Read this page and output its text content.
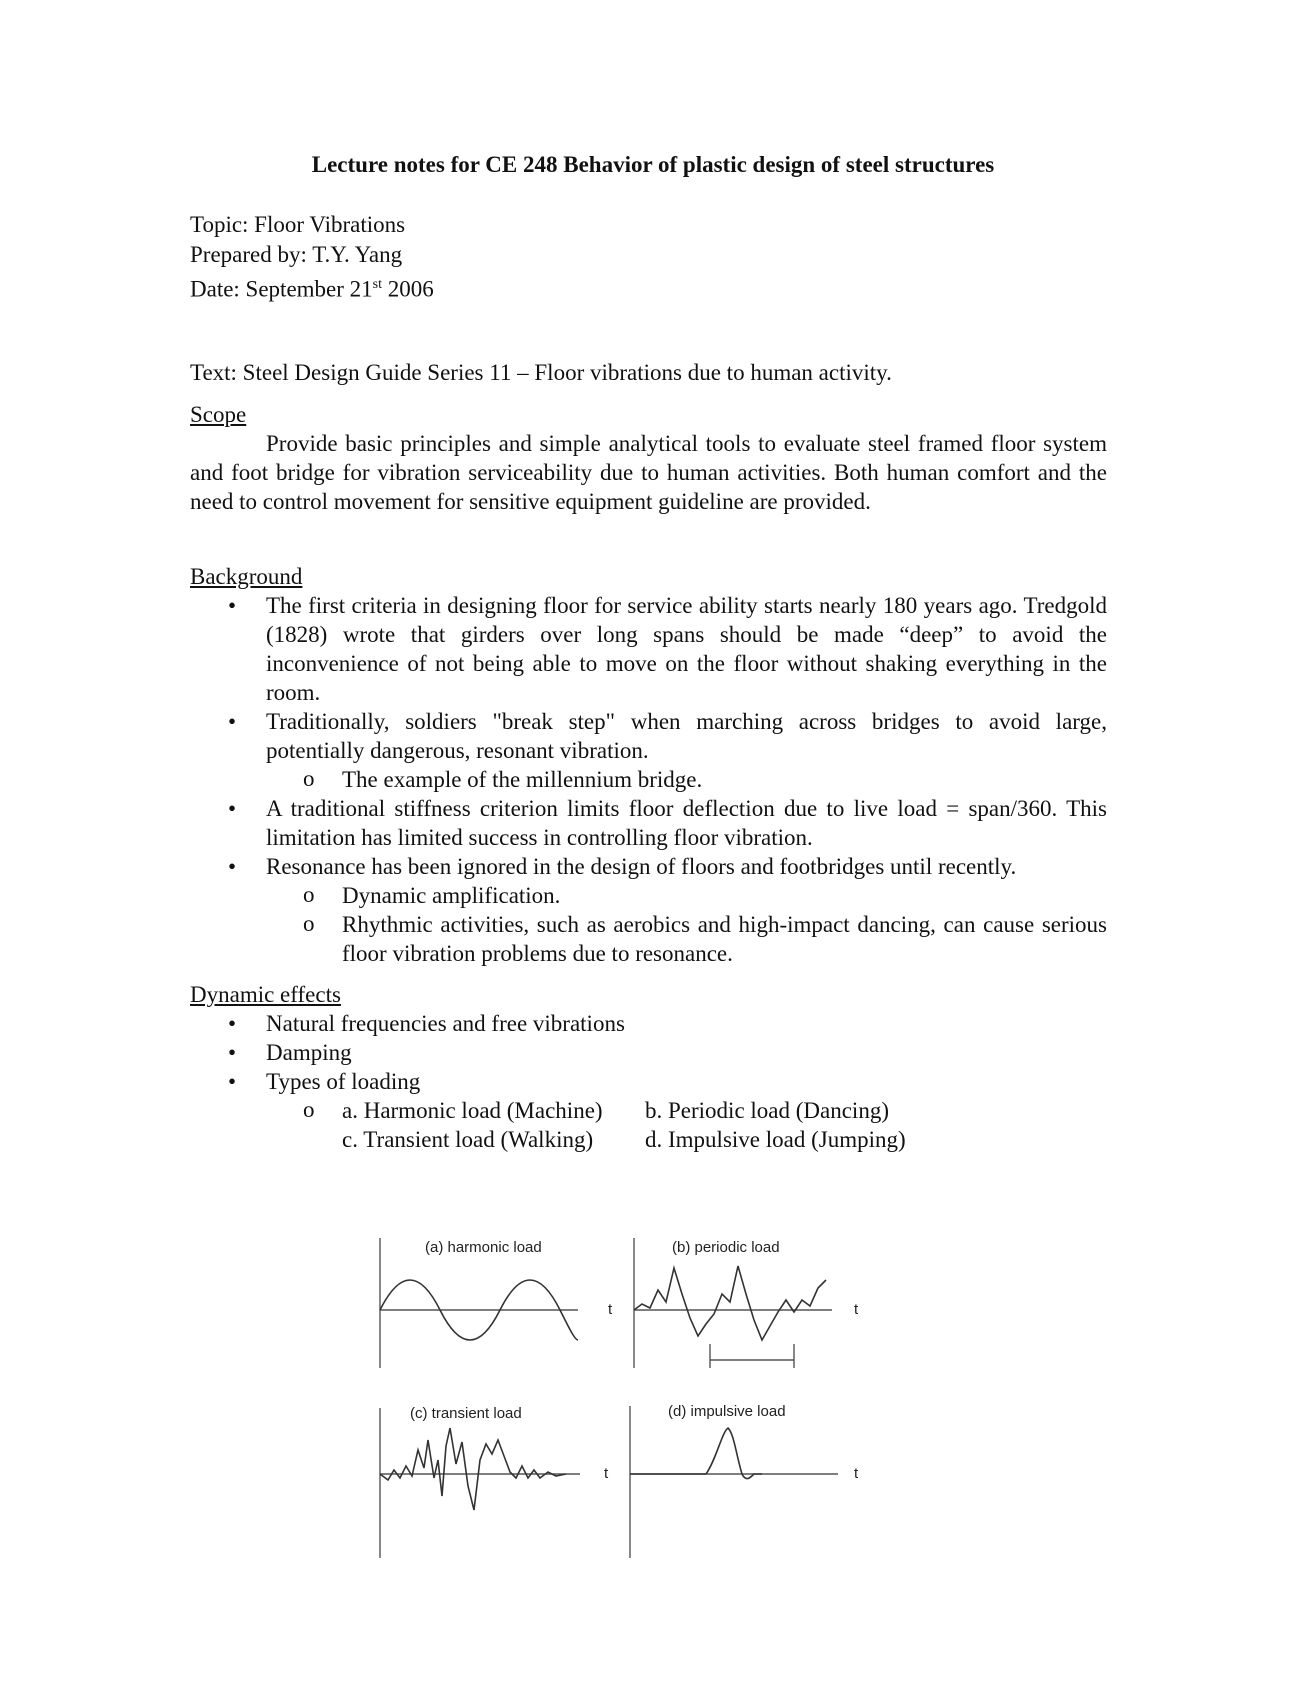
Lecture notes for CE 248 Behavior of plastic design of steel structures
Topic: Floor Vibrations
Prepared by: T.Y. Yang
Date: September 21st 2006
Text: Steel Design Guide Series 11 – Floor vibrations due to human activity.
Scope
Provide basic principles and simple analytical tools to evaluate steel framed floor system and foot bridge for vibration serviceability due to human activities. Both human comfort and the need to control movement for sensitive equipment guideline are provided.
Background
• The first criteria in designing floor for service ability starts nearly 180 years ago. Tredgold (1828) wrote that girders over long spans should be made “deep” to avoid the inconvenience of not being able to move on the floor without shaking everything in the room.
• Traditionally, soldiers "break step" when marching across bridges to avoid large, potentially dangerous, resonant vibration.
o The example of the millennium bridge.
• A traditional stiffness criterion limits floor deflection due to live load = span/360. This limitation has limited success in controlling floor vibration.
• Resonance has been ignored in the design of floors and footbridges until recently.
o Dynamic amplification.
o Rhythmic activities, such as aerobics and high-impact dancing, can cause serious floor vibration problems due to resonance.
Dynamic effects
• Natural frequencies and free vibrations
• Damping
• Types of loading
o a. Harmonic load (Machine)	b. Periodic load (Dancing)
c. Transient load (Walking)	d. Impulsive load (Jumping)
(a) harmonic load
t
(b) periodic load
t
(c) transient load
t
(d) impulsive load
t
